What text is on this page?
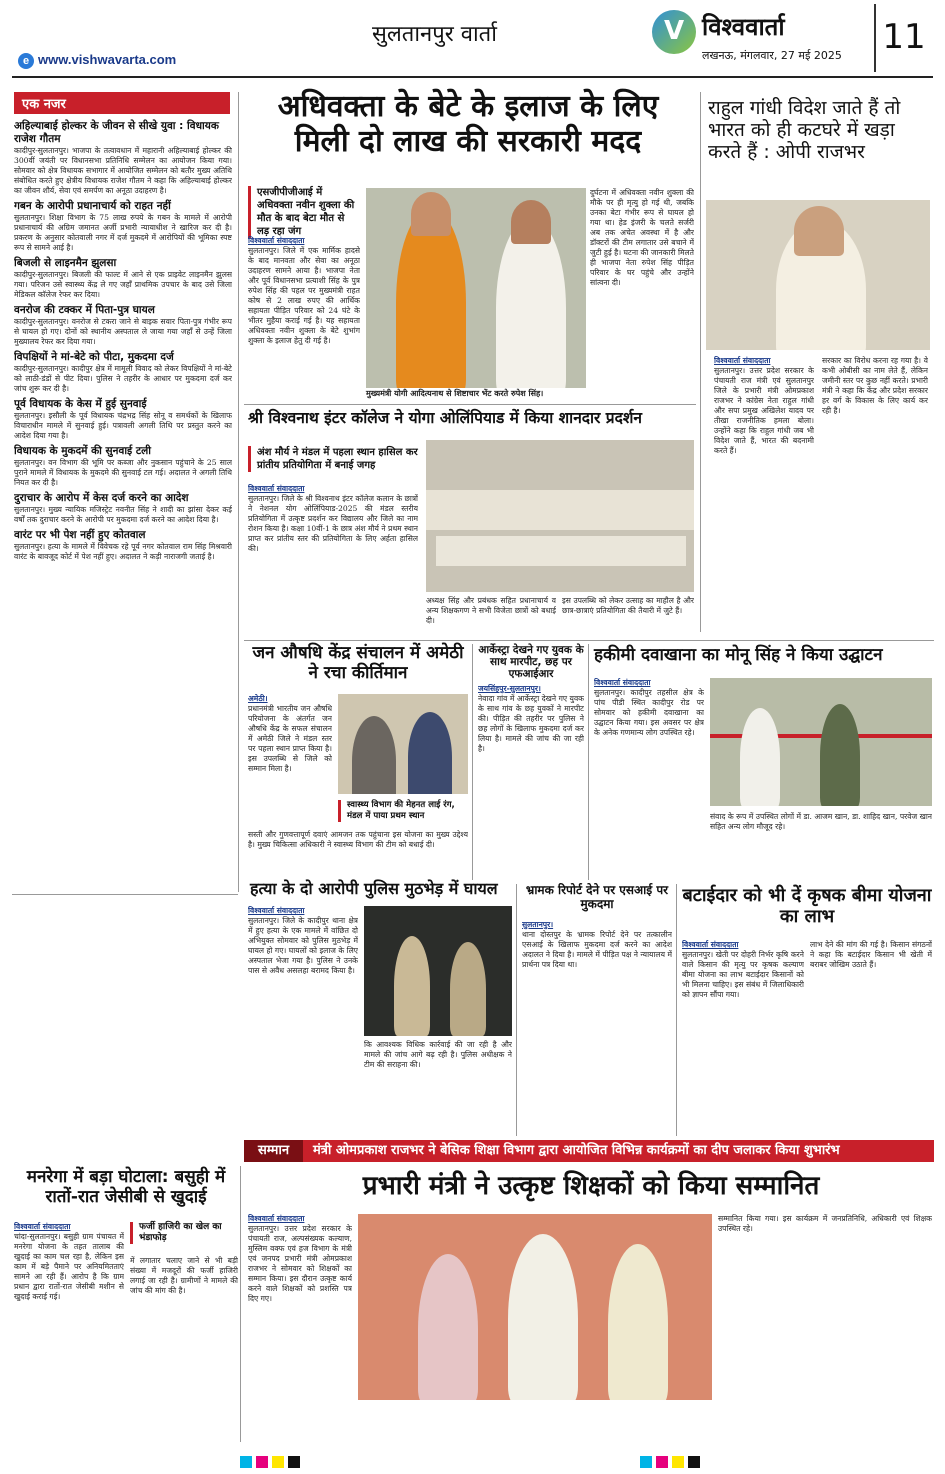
e www.vishwavarta.com
सुलतानपुर वार्ता V	विश्ववार्ता
लखनऊ, मंगलवार, 27 मई 2025 11
एक नजर
अहिल्याबाई होल्कर के जीवन से सीखे युवा : विधायक राजेश गौतम
कादीपुर-सुलतानपुर। भाजपा के तत्वावधान में महारानी अहिल्याबाई होल्कर की 300वीं जयंती पर विधानसभा प्रतिनिधि सम्मेलन का आयोजन किया गया। सोमवार को क्षेत्र विधायक सभागार में आयोजित सम्मेलन को बतौर मुख्य अतिथि संबोधित करते हुए क्षेत्रीय विधायक राजेश गौतम ने कहा कि अहिल्याबाई होल्कर का जीवन शौर्य, सेवा एवं समर्पण का अनूठा उदाहरण है।
गबन के आरोपी प्रधानाचार्य को राहत नहीं
सुलतानपुर। शिक्षा विभाग के 75 लाख रुपये के गबन के मामले में आरोपी प्रधानाचार्य की अग्रिम जमानत अर्जी प्रभारी न्यायाधीश ने खारिज कर दी है। प्रकरण के अनुसार कोतवाली नगर में दर्ज मुकदमे में आरोपियों की भूमिका स्पष्ट रूप से सामने आई है।
बिजली से लाइनमैन झुलसा
कादीपुर-सुलतानपुर। बिजली की फाल्ट में आने से एक प्राइवेट लाइनमैन झुलस गया। परिजन उसे स्वास्थ्य केंद्र ले गए जहाँ प्राथमिक उपचार के बाद उसे जिला मेडिकल कॉलेज रेफर कर दिया।
वनरोज की टक्कर में पिता-पुत्र घायल
कादीपुर-सुलतानपुर। वनरोज से टकरा जाने से बाइक सवार पिता-पुत्र गंभीर रूप से घायल हो गए। दोनों को स्थानीय अस्पताल ले जाया गया जहाँ से उन्हें जिला मुख्यालय रेफर कर दिया गया।
विपक्षियों ने मां-बेटे को पीटा, मुकदमा दर्ज
कादीपुर-सुलतानपुर। कादीपुर क्षेत्र में मामूली विवाद को लेकर विपक्षियों ने मां-बेटे को लाठी-डंडों से पीट दिया। पुलिस ने तहरीर के आधार पर मुकदमा दर्ज कर जांच शुरू कर दी है।
पूर्व विधायक के केस में हुई सुनवाई
सुलतानपुर। इसौली के पूर्व विधायक चंद्रभद्र सिंह सोनू व समर्थकों के खिलाफ विचाराधीन मामले में सुनवाई हुई। पत्रावली अगली तिथि पर प्रस्तुत करने का आदेश दिया गया है।
विधायक के मुकदमें की सुनवाई टली
सुलतानपुर। वन विभाग की भूमि पर कब्जा और नुकसान पहुंचाने के 25 साल पुराने मामले में विधायक के मुकदमे की सुनवाई टल गई। अदालत ने अगली तिथि नियत कर दी है।
दुराचार के आरोप में केस दर्ज करने का आदेश
सुलतानपुर। मुख्य न्यायिक मजिस्ट्रेट नवनीत सिंह ने शादी का झांसा देकर कई वर्षों तक दुराचार करने के आरोपी पर मुकदमा दर्ज करने का आदेश दिया है।
वारंट पर भी पेश नहीं हुए कोतवाल
सुलतानपुर। हत्या के मामले में विवेचक रहे पूर्व नगर कोतवाल राम सिंह मिश्रवारी वारंट के बावजूद कोर्ट में पेश नहीं हुए। अदालत ने कड़ी नाराजगी जताई है।
अधिवक्ता के बेटे के इलाज के लिए मिली दो लाख की सरकारी मदद
एसजीपीजीआई में अधिवक्ता नवीन शुक्ला की मौत के बाद बेटा मौत से लड़ रहा जंग
विश्ववार्ता संवाददाता
सुलतानपुर। जिले में एक मार्मिक हादसे के बाद मानवता और सेवा का अनूठा उदाहरण सामने आया है। भाजपा नेता और पूर्व विधानसभा प्रत्याशी सिंह के पुत्र रुपेश सिंह की पहल पर मुख्यमंत्री राहत कोष से 2 लाख रुपए की आर्थिक सहायता पीड़ित परिवार को 24 घंटे के भीतर मुहैया कराई गई है। यह सहायता अधिवक्ता नवीन शुक्ला के बेटे शुभांग शुक्ला के इलाज हेतु दी गई है।
मुख्यमंत्री योगी आदित्यनाथ से शिष्टाचार भेंट करते रुपेश सिंह।
दुर्घटना में अधिवक्ता नवीन शुक्ला की मौके पर ही मृत्यु हो गई थी, जबकि उनका बेटा गंभीर रूप से घायल हो गया था। हेड इंजरी के चलते सर्जरी अब तक अचेत अवस्था में है और डॉक्टरों की टीम लगातार उसे बचाने में जुटी हुई है। घटना की जानकारी मिलते ही भाजपा नेता रुपेश सिंह पीड़ित परिवार के घर पहुंचे और उन्होंने सांत्वना दी।
राहुल गांधी विदेश जाते हैं तो भारत को ही कटघरे में खड़ा करते हैं : ओपी राजभर
विश्ववार्ता संवाददाता
सुलतानपुर। उत्तर प्रदेश सरकार के पंचायती राज मंत्री एवं सुलतानपुर जिले के प्रभारी मंत्री ओमप्रकाश राजभर ने कांग्रेस नेता राहुल गांधी और सपा प्रमुख अखिलेश यादव पर तीखा राजनीतिक हमला बोला। उन्होंने कहा कि राहुल गांधी जब भी विदेश जाते हैं, भारत की बदनामी करते हैं।
सरकार का विरोध करना रह गया है। वे कभी ओबीसी का नाम लेते हैं, लेकिन जमीनी स्तर पर कुछ नहीं करते। प्रभारी मंत्री ने कहा कि केंद्र और प्रदेश सरकार हर वर्ग के विकास के लिए कार्य कर रही है।
श्री विश्वनाथ इंटर कॉलेज ने योगा ओलिंपियाड में किया शानदार प्रदर्शन
अंश मौर्य ने मंडल में पहला स्थान हासिल कर प्रांतीय प्रतियोगिता में बनाई जगह
विश्ववार्ता संवाददाता
सुलतानपुर। जिले के श्री विश्वनाथ इंटर कॉलेज कलान के छात्रों ने नेशनल योग ओलिंपियाड-2025 की मंडल स्तरीय प्रतियोगिता में उत्कृष्ट प्रदर्शन कर विद्यालय और जिले का नाम रोशन किया है। कक्षा 10वीं-1 के छात्र अंश मौर्य ने प्रथम स्थान प्राप्त कर प्रांतीय स्तर की प्रतियोगिता के लिए अर्हता हासिल की।
अध्यक्ष सिंह और प्रबंधक सहित प्रधानाचार्य व अन्य शिक्षकगण ने सभी विजेता छात्रों को बधाई दी।
इस उपलब्धि को लेकर उत्साह का माहौल है और छात्र-छात्राएं प्रतियोगिता की तैयारी में जुटे हैं।
जन औषधि केंद्र संचालन में अमेठी ने रचा कीर्तिमान
अमेठी।
प्रधानमंत्री भारतीय जन औषधि परियोजना के अंतर्गत जन औषधि केंद्र के सफल संचालन में अमेठी जिले ने मंडल स्तर पर पहला स्थान प्राप्त किया है। इस उपलब्धि से जिले को सम्मान मिला है।
स्वास्थ्य विभाग की मेहनत लाई रंग, मंडल में पाया प्रथम स्थान
सस्ती और गुणवत्तापूर्ण दवाएं आमजन तक पहुंचाना इस योजना का मुख्य उद्देश्य है। मुख्य चिकित्सा अधिकारी ने स्वास्थ्य विभाग की टीम को बधाई दी।
आर्केस्ट्रा देखने गए युवक के साथ मारपीट, छह पर एफआईआर
जयसिंहपुर-सुलतानपुर।
नेवादा गांव में आर्केस्ट्रा देखने गए युवक के साथ गांव के छह युवकों ने मारपीट की। पीड़ित की तहरीर पर पुलिस ने छह लोगों के खिलाफ मुकदमा दर्ज कर लिया है। मामले की जांच की जा रही है।
हकीमी दवाखाना का मोनू सिंह ने किया उद्घाटन
विश्ववार्ता संवाददाता
सुलतानपुर। कादीपुर तहसील क्षेत्र के पांच पीडी स्थित कादीपुर रोड पर सोमवार को हकीमी दवाखाना का उद्घाटन किया गया। इस अवसर पर क्षेत्र के अनेक गणमान्य लोग उपस्थित रहे।
संवाद के रूप में उपस्थित लोगों में डा. आजम खान, डा. शाहिद खान, परवेज खान सहित अन्य लोग मौजूद रहे।
हत्या के दो आरोपी पुलिस मुठभेड़ में घायल
सम्मान मंत्री ओमप्रकाश राजभर ने बेसिक शिक्षा विभाग द्वारा आयोजित विभिन्न कार्यक्रमों का दीप जलाकर किया शुभारंभ
विश्ववार्ता संवाददाता
सुलतानपुर। जिले के कादीपुर थाना क्षेत्र में हुए हत्या के एक मामले में वांछित दो अभियुक्त सोमवार को पुलिस मुठभेड़ में घायल हो गए। घायलों को इलाज के लिए अस्पताल भेजा गया है। पुलिस ने उनके पास से अवैध असलहा बरामद किया है।
कि आवश्यक विधिक कार्रवाई की जा रही है और मामले की जांच आगे बढ़ रही है। पुलिस अधीक्षक ने टीम की सराहना की।
भ्रामक रिपोर्ट देने पर एसआई पर मुकदमा
सुलतानपुर।
थाना दोस्तपुर के भ्रामक रिपोर्ट देने पर तत्कालीन एसआई के खिलाफ मुकदमा दर्ज करने का आदेश अदालत ने दिया है। मामले में पीड़ित पक्ष ने न्यायालय में प्रार्थना पत्र दिया था।
बटाईदार को भी दें कृषक बीमा योजना का लाभ
विश्ववार्ता संवाददाता
सुलतानपुर। खेती पर दोहरी निर्भर कृषि करने वाले किसान की मृत्यु पर कृषक कल्याण बीमा योजना का लाभ बटाईदार किसानों को भी मिलना चाहिए। इस संबंध में जिलाधिकारी को ज्ञापन सौंपा गया।
लाभ देने की मांग की गई है। किसान संगठनों ने कहा कि बटाईदार किसान भी खेती में बराबर जोखिम उठाते हैं।
मनरेगा में बड़ा घोटाला: बसुही में रातों-रात जेसीबी से खुदाई
फर्जी हाजिरी का खेल का भंडाफोड़
विश्ववार्ता संवाददाता
चांदा-सुलतानपुर। बसुही ग्राम पंचायत में मनरेगा योजना के तहत तालाब की खुदाई का काम चल रहा है, लेकिन इस काम में बड़े पैमाने पर अनियमितताएं सामने आ रही हैं। आरोप है कि ग्राम प्रधान द्वारा रातों-रात जेसीबी मशीन से खुदाई कराई गई।
में लगातार चलाए जाने से भी बड़ी संख्या में मजदूरों की फर्जी हाजिरी लगाई जा रही है। ग्रामीणों ने मामले की जांच की मांग की है।
प्रभारी मंत्री ने उत्कृष्ट शिक्षकों को किया सम्मानित
विश्ववार्ता संवाददाता
सुलतानपुर। उत्तर प्रदेश सरकार के पंचायती राज, अल्पसंख्यक कल्याण, मुस्लिम वक्फ एवं हज विभाग के मंत्री एवं जनपद प्रभारी मंत्री ओमप्रकाश राजभर ने सोमवार को शिक्षकों का सम्मान किया। इस दौरान उत्कृष्ट कार्य करने वाले शिक्षकों को प्रशस्ति पत्र दिए गए।
सम्मानित किया गया। इस कार्यक्रम में जनप्रतिनिधि, अधिकारी एवं शिक्षक उपस्थित रहे।
